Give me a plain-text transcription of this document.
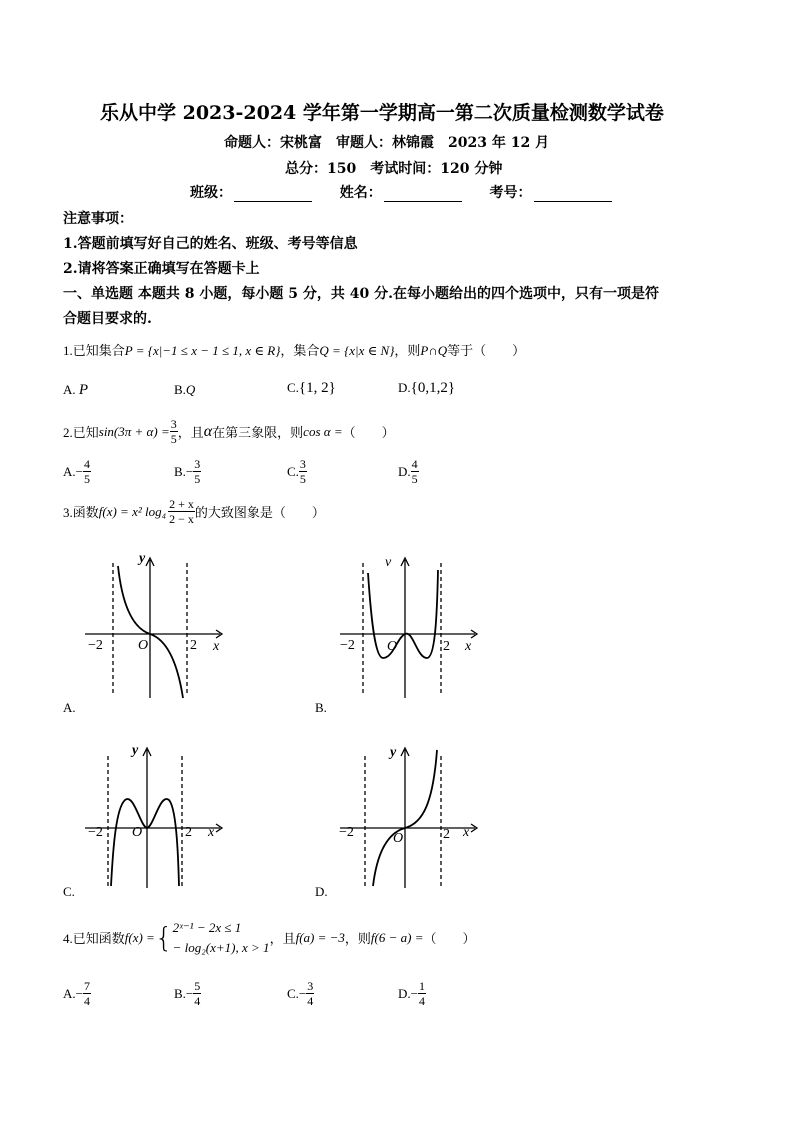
乐从中学 2023-2024 学年第一学期高一第二次质量检测数学试卷
命题人：宋桃富　审题人：林锦霞　2023 年 12 月
总分：150　考试时间：120 分钟
班级：	姓名：	考号：
注意事项：
1.答题前填写好自己的姓名、班级、考号等信息
2.请将答案正确填写在答题卡上
一、单选题 本题共 8 小题，每小题 5 分，共 40 分.在每小题给出的四个选项中，只有一项是符
合题目要求的.
1.已知集合P = {x|−1 ≤ x − 1 ≤ 1, x ∈ R}，集合Q = {x|x ∈ N}，则P∩Q等于（　　）
A. P	B.Q	C.{1, 2}	D.{0,1,2}
2.已知 $\sin(3\pi + \alpha) = \frac{3}{5}$ ，且 α 在第三象限，则 cos α = （　　）
A. − $\frac{4}{5}$	B. − $\frac{3}{5}$	C. $\frac{3}{5}$	D. $\frac{4}{5}$
3.函数 f(x) = x² $\log_4 \frac{2 + x}{2 - x}$ 的大致图象是（　　）
y
x
O
−2	2
A.
v
x
O
−2	2
B.
y
x
O
−2	2
C.
y
x
O
−2	2
D.
4.已知函数 f(x) = { 2ˣ⁻¹ − 2x ≤ 1
− log₂(x+1), x > 1
，且 f(a) = −3 ，则 f(6 − a) = （　　）
A. − $\frac{7}{4}$	B. − $\frac{5}{4}$	C. − $\frac{3}{4}$	D. − $\frac{1}{4}$
